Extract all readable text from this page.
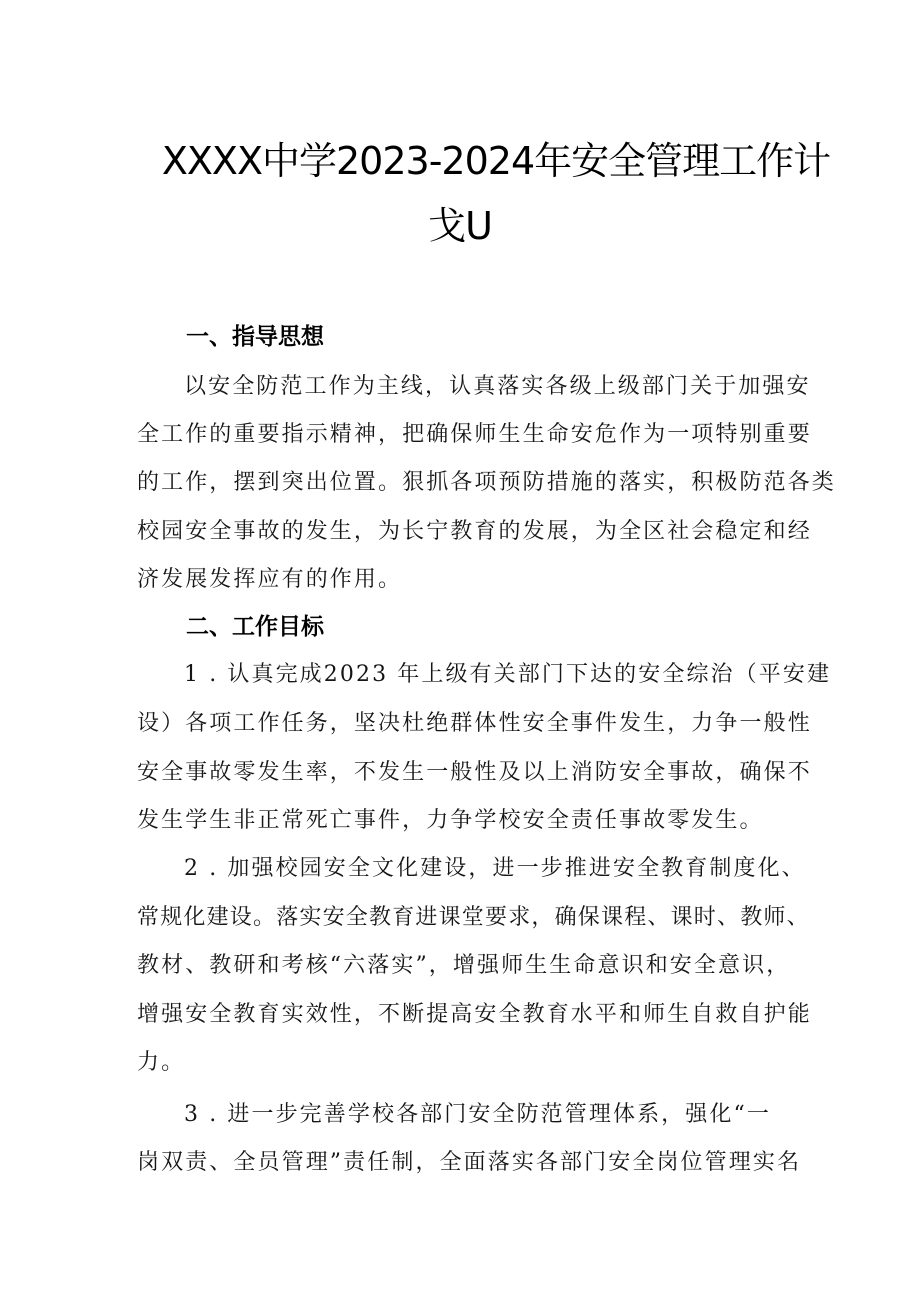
XXXX中学2023-2024年安全管理工作计
戈U
一、指导思想
以安全防范工作为主线，认真落实各级上级部门关于加强安
全工作的重要指示精神，把确保师生生命安危作为一项特别重要
的工作，摆到突出位置。狠抓各项预防措施的落实，积极防范各类
校园安全事故的发生，为长宁教育的发展，为全区社会稳定和经
济发展发挥应有的作用。
二、工作目标
1 . 认真完成2023 年上级有关部门下达的安全综治（平安建
设）各项工作任务，坚决杜绝群体性安全事件发生，力争一般性
安全事故零发生率，不发生一般性及以上消防安全事故，确保不
发生学生非正常死亡事件，力争学校安全责任事故零发生。
2 . 加强校园安全文化建设，进一步推进安全教育制度化、
常规化建设。落实安全教育进课堂要求，确保课程、课时、教师、
教材、教研和考核“六落实”，增强师生生命意识和安全意识，
增强安全教育实效性，不断提高安全教育水平和师生自救自护能
力。
3 . 进一步完善学校各部门安全防范管理体系，强化“一
岗双责、全员管理”责任制，全面落实各部门安全岗位管理实名
